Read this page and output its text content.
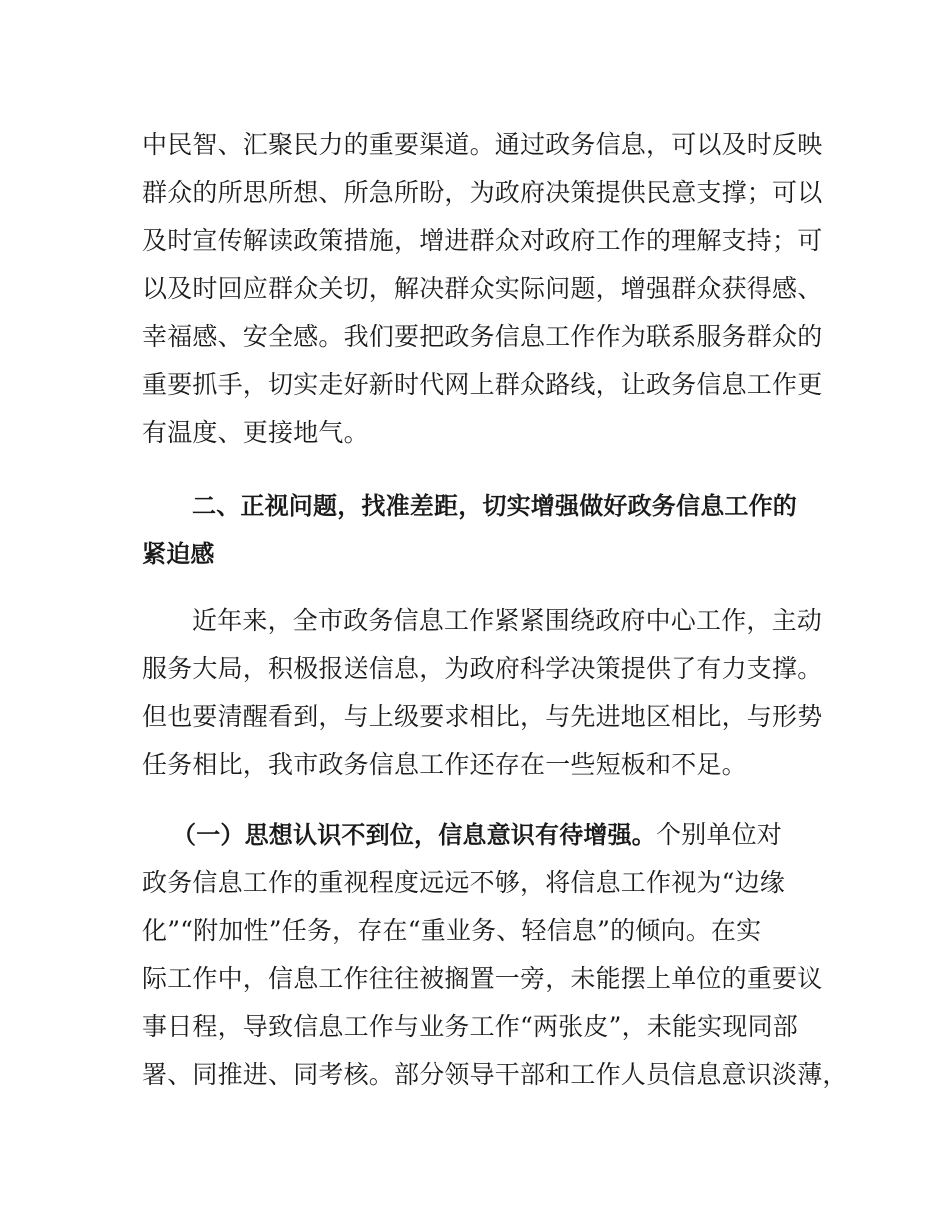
中民智、汇聚民力的重要渠道。通过政务信息，可以及时反映
群众的所思所想、所急所盼，为政府决策提供民意支撑；可以
及时宣传解读政策措施，增进群众对政府工作的理解支持；可
以及时回应群众关切，解决群众实际问题，增强群众获得感、
幸福感、安全感。我们要把政务信息工作作为联系服务群众的
重要抓手，切实走好新时代网上群众路线，让政务信息工作更
有温度、更接地气。
二、正视问题，找准差距，切实增强做好政务信息工作的
紧迫感
近年来，全市政务信息工作紧紧围绕政府中心工作，主动
服务大局，积极报送信息，为政府科学决策提供了有力支撑。
但也要清醒看到，与上级要求相比，与先进地区相比，与形势
任务相比，我市政务信息工作还存在一些短板和不足。
（一）思想认识不到位，信息意识有待增强。个别单位对
政务信息工作的重视程度远远不够，将信息工作视为“边缘
化”“附加性”任务，存在“重业务、轻信息”的倾向。在实
际工作中，信息工作往往被搁置一旁，未能摆上单位的重要议
事日程，导致信息工作与业务工作“两张皮”，未能实现同部
署、同推进、同考核。部分领导干部和工作人员信息意识淡薄，
